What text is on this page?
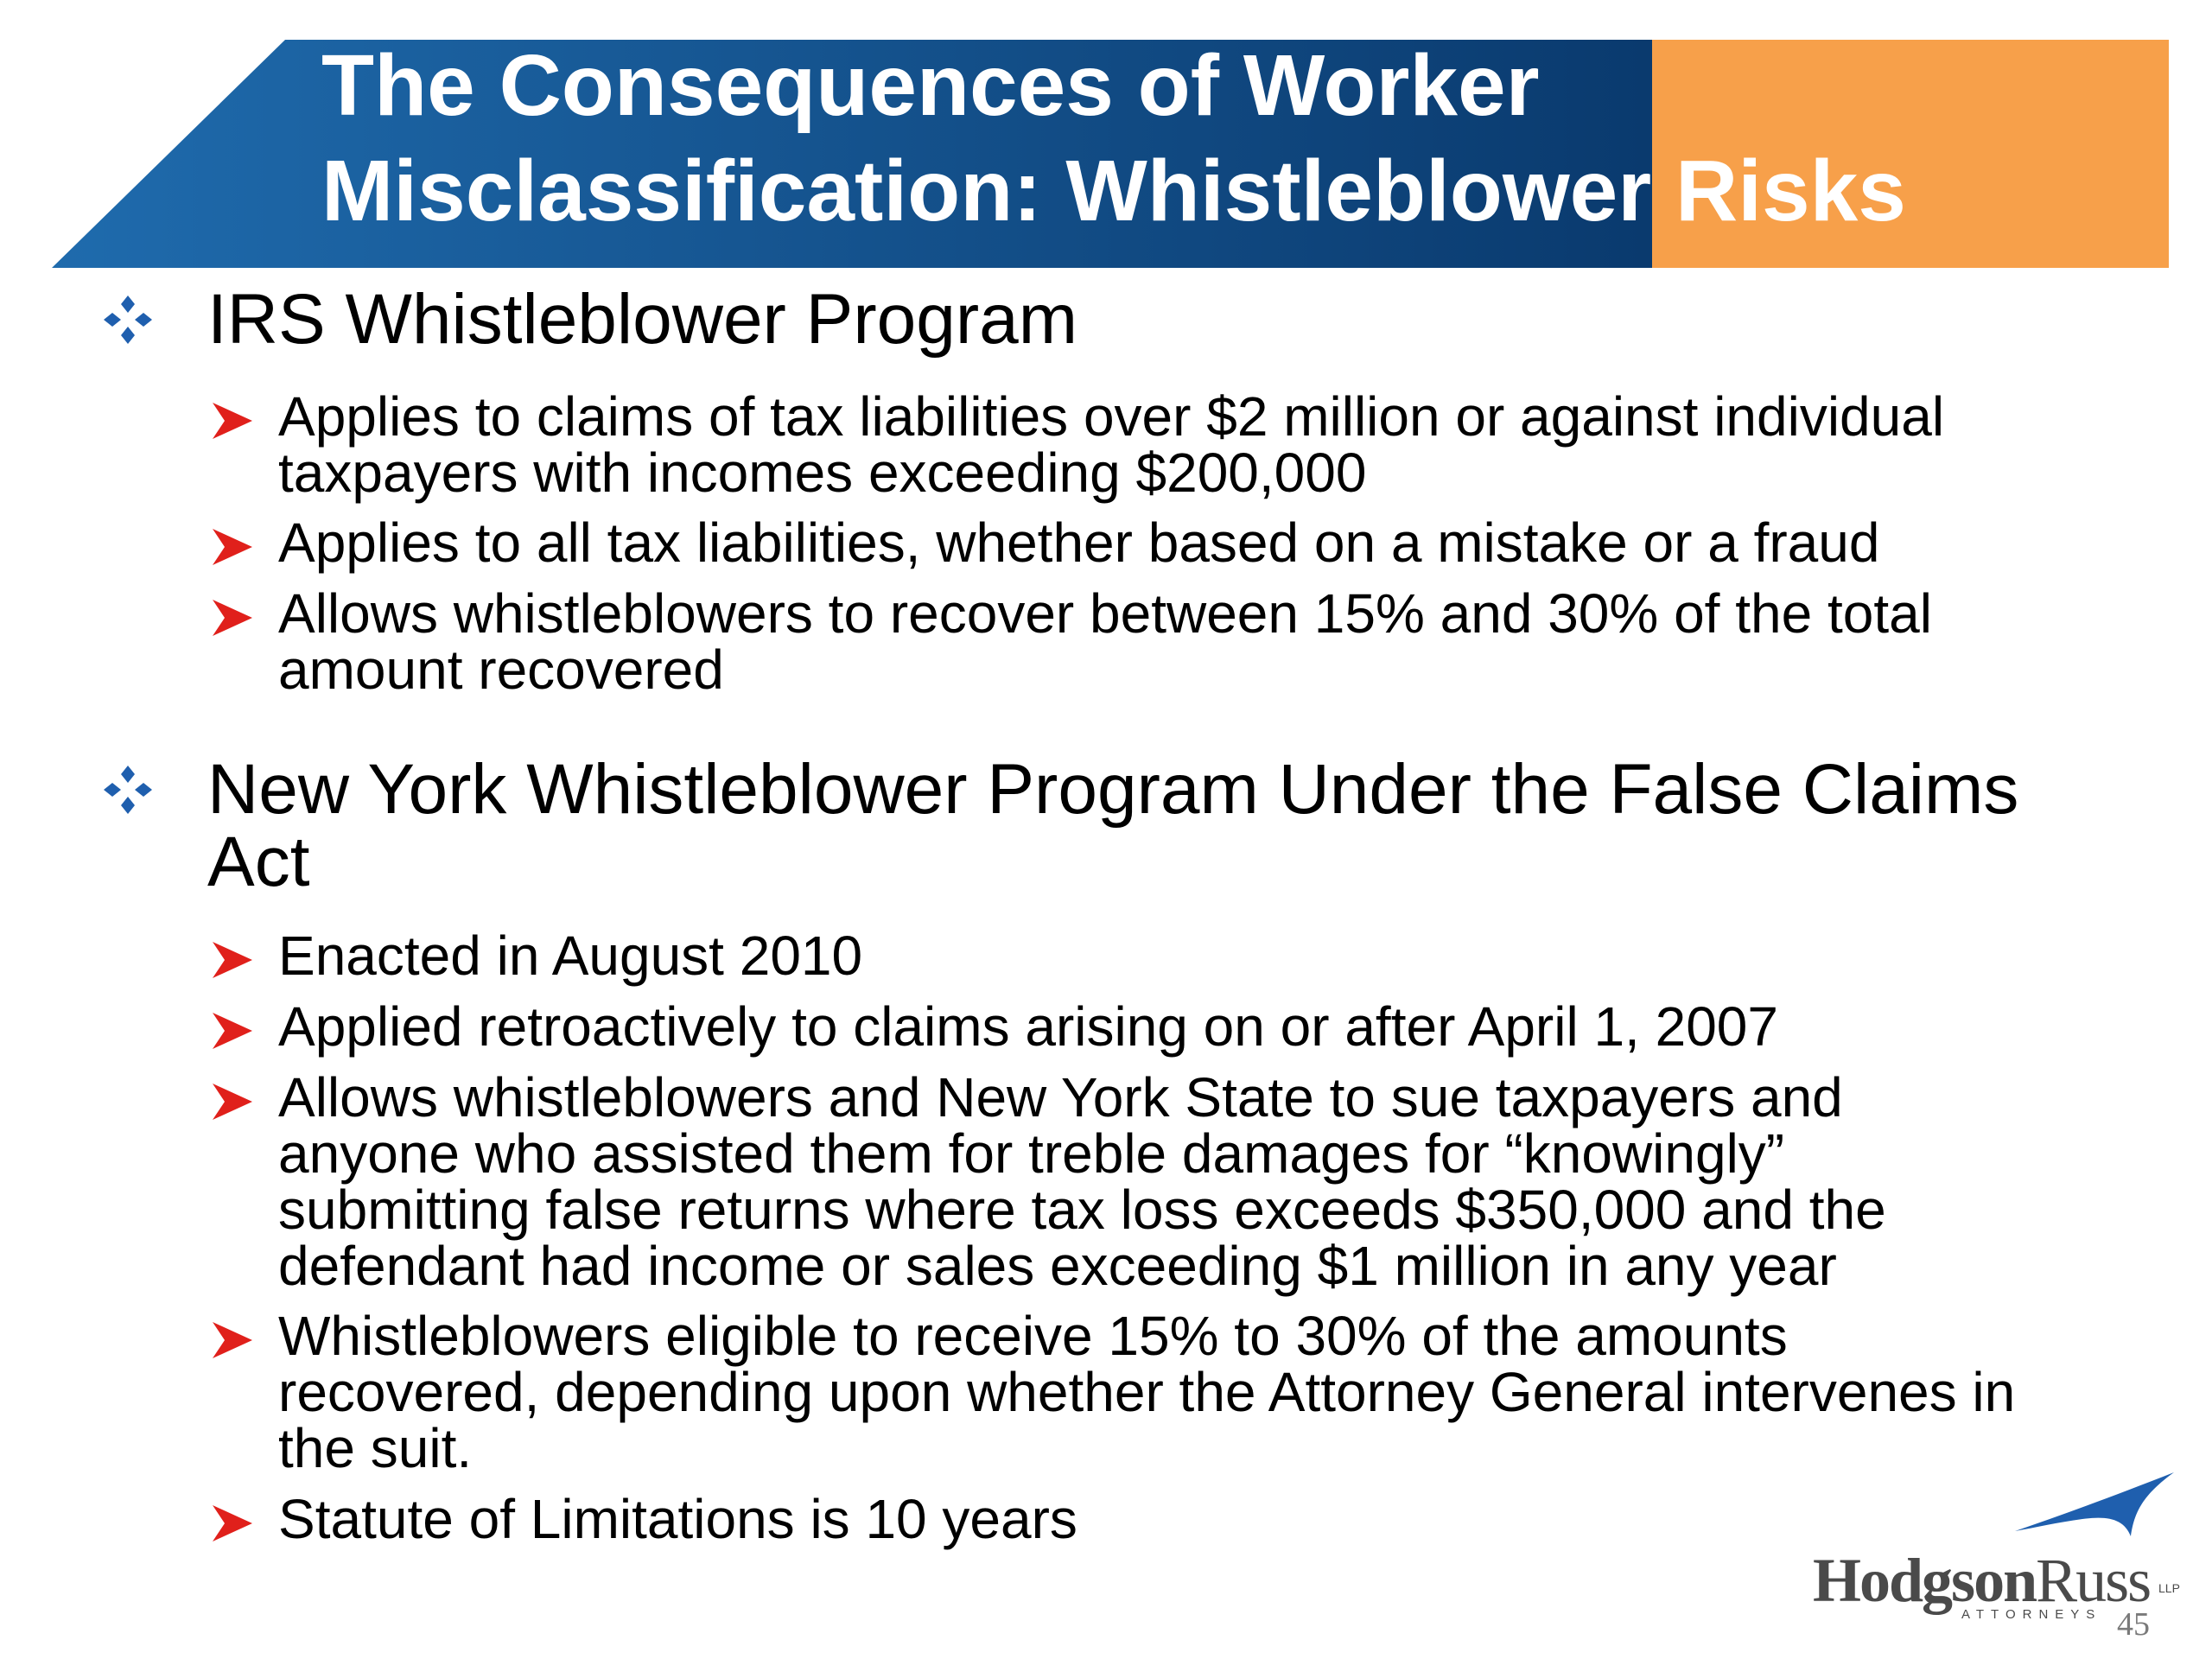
The Consequences of Worker
Misclassification: Whistleblower Risks
IRS Whistleblower Program

Applies to claims of tax liabilities over $2 million or against individual
taxpayers with incomes exceeding $200,000

Applies to all tax liabilities, whether based on a mistake or a fraud

Allows whistleblowers to recover between 15% and 30% of the total
amount recovered

New York Whistleblower Program Under the False Claims
Act

Enacted in August 2010

Applied retroactively to claims arising on or after April 1, 2007

Allows whistleblowers and New York State to sue taxpayers and
anyone who assisted them for treble damages for “knowingly”
submitting false returns where tax loss exceeds $350,000 and the
defendant had income or sales exceeding $1 million in any year

Whistleblowers eligible to receive 15% to 30% of the amounts
recovered, depending upon whether the Attorney General intervenes in
the suit.

Statute of Limitations is 10 years

HodgsonRuss LLP
ATTORNEYS 45
